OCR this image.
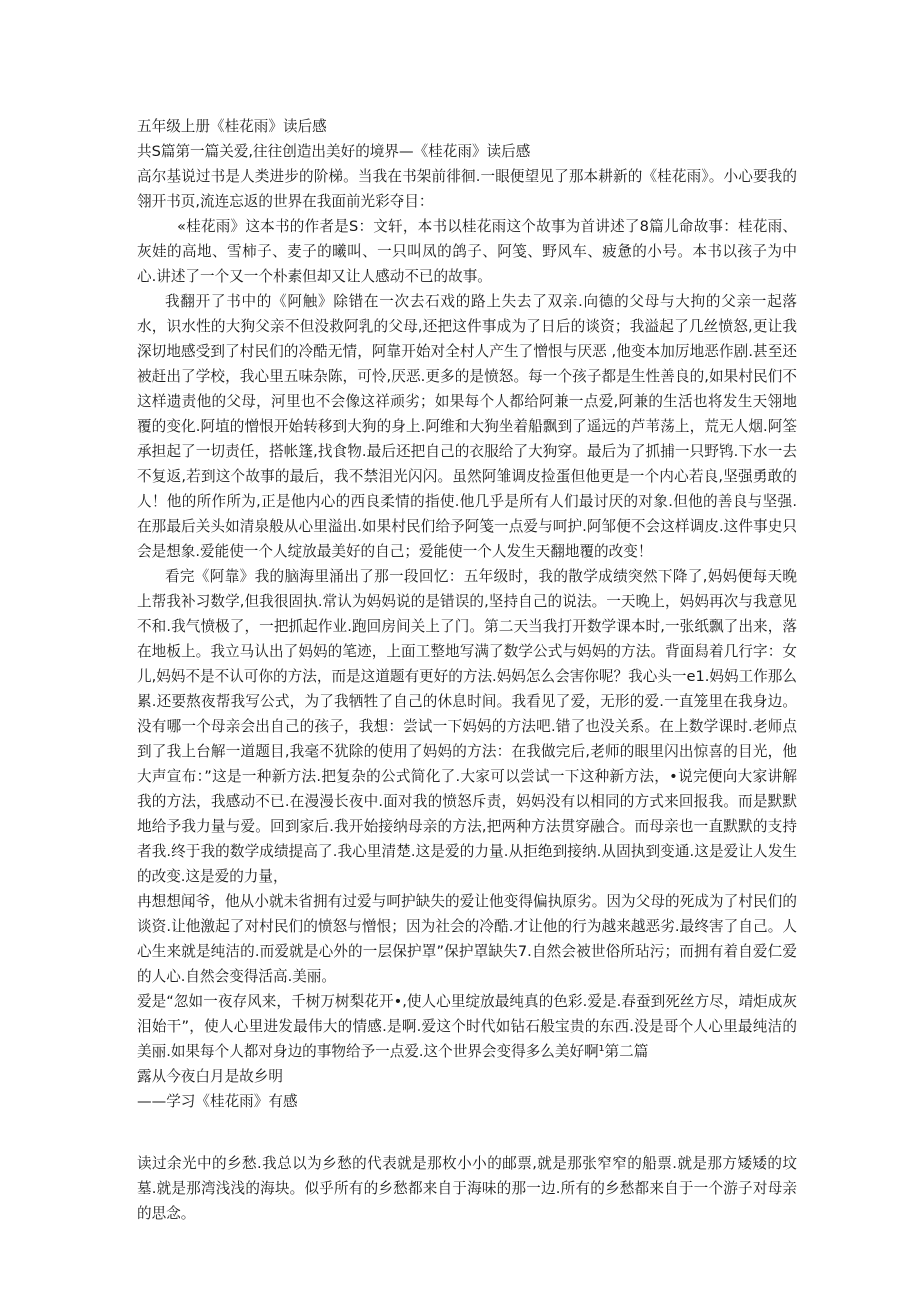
五年级上册《桂花雨》读后感

共S篇第一篇关爱,往往创造出美好的境界—《桂花雨》读后感

高尔基说过书是人类进步的阶梯。当我在书架前徘徊.一眼便望见了那本耕新的《桂花雨》。小心要我的翎开书页,流连忘返的世界在我面前光彩夺目：

«桂花雨》这本书的作者是S：文轩，本书以桂花雨这个故事为首讲述了8篇儿命故事：桂花雨、灰娃的高地、雪柿子、麦子的曦叫、一只叫凤的鸽子、阿笺、野风车、疲惫的小号。本书以孩子为中心.讲述了一个又一个朴素但却又让人感动不已的故事。

我翻开了书中的《阿触》除错在一次去石戏的路上失去了双亲.向德的父母与大拘的父亲一起落水，识水性的大狗父亲不但没救阿乳的父母,还把这件事成为了日后的谈资；我溢起了几丝愤怒,更让我深切地感受到了村民们的冷酷无情，阿靠开始对全村人产生了憎恨与厌恶 ,他变本加厉地恶作剧.甚至还被赶出了学校，我心里五味杂陈，可怜,厌恶.更多的是愤怒。每一个孩子都是生性善良的,如果村民们不这样遗责他的父母，河里也不会像这祥顽劣；如果每个人都给阿兼一点爱,阿兼的生活也将发生天翎地覆的变化.阿埴的憎恨开始转移到大狗的身上.阿维和大狗坐着船飘到了遥远的芦苇荡上，荒无人烟.阿筌承担起了一切责任，搭帐篷,找食物.最后还把自己的衣服给了大狗穿。最后为了抓捕一只野鸨.下水一去不复返,若到这个故事的最后，我不禁泪光闪闪。虽然阿雏调皮捡蛋但他更是一个内心若良,坚强勇敢的人！他的所作所为,正是他内心的西良柔情的指使.他几乎是所有人们最讨厌的对象.但他的善良与坚强.在那最后关头如清泉般从心里溢出.如果村民们给予阿笺一点爱与呵护.阿邹便不会这样调皮.这件事史只会是想象.爱能使一个人绽放最美好的自己；爱能使一个人发生天翻地覆的改变！

看完《阿靠》我的脑海里涌出了那一段回忆：五年级时，我的散学成绩突然下降了,妈妈便每天晚上帮我补习数学,但我很固执.常认为妈妈说的是错误的,坚持自己的说法。一天晚上，妈妈再次与我意见不和.我气愤极了，一把抓起作业.跑回房间关上了门。第二天当我打开数学课本时,一张纸飘了出来，落在地板上。我立马认出了妈妈的笔迹，上面工整地写满了数学公式与妈妈的方法。背面舄着几行字：女儿,妈妈不是不认可你的方法，而是这道题有更好的方法.妈妈怎么会害你呢？我心头一e1.妈妈工作那么累.还要熬夜帮我写公式，为了我牺牲了自己的休息时间。我看见了爱，无形的爱.一直笼里在我身边。没有哪一个母亲会出自己的孩子，我想：尝试一下妈妈的方法吧.错了也没关系。在上数学课时.老师点到了我上台解一道题目,我毫不犹除的使用了妈妈的方法：在我做完后,老师的眼里闪出惊喜的目光，他大声宣布：”这是一种新方法.把复杂的公式简化了.大家可以尝试一下这种新方法，•说完便向大家讲解我的方法，我感动不已.在漫漫长夜中.面对我的愤怒斥责，妈妈没有以相同的方式来回报我。而是默默地给予我力量与爱。回到家后.我开始接纳母亲的方法,把两种方法贯穿融合。而母亲也一直默默的支持者我.终于我的数学成绩提高了.我心里清楚.这是爱的力量.从拒绝到接纳.从固执到变通.这是爱让人发生的改变.这是爱的力量，

冉想想闻爷，他从小就未省拥有过爱与呵护缺失的爱让他变得偏执原劣。因为父母的死成为了村民们的谈资.让他激起了对村民们的愤怒与憎恨；因为社会的冷酷.才让他的行为越来越恶劣.最终害了自己。人心生来就是纯洁的.而爱就是心外的一层保护罩”保护罩缺失7.自然会被世俗所玷污；而拥有着自爱仁爱的人心.自然会变得活高.美丽。

爱是“忽如一夜存风来，千树万树梨花开•,使人心里绽放最纯真的色彩.爱是.春蚕到死丝方尽，靖炬成灰泪始干”，使人心里进发最伟大的情感.是啊.爱这个时代如钻石般宝贵的东西.没是哥个人心里最纯洁的美丽.如果每个人都对身边的事物给予一点爱.这个世界会变得多么美好啊¹第二篇

露从今夜白月是故乡明

——学习《桂花雨》有感

读过余光中的乡愁.我总以为乡愁的代表就是那枚小小的邮票,就是那张窄窄的船票.就是那方矮矮的坟墓.就是那湾浅浅的海块。似乎所有的乡愁都来自于海味的那一边.所有的乡愁都来自于一个游子对母亲的思念。
